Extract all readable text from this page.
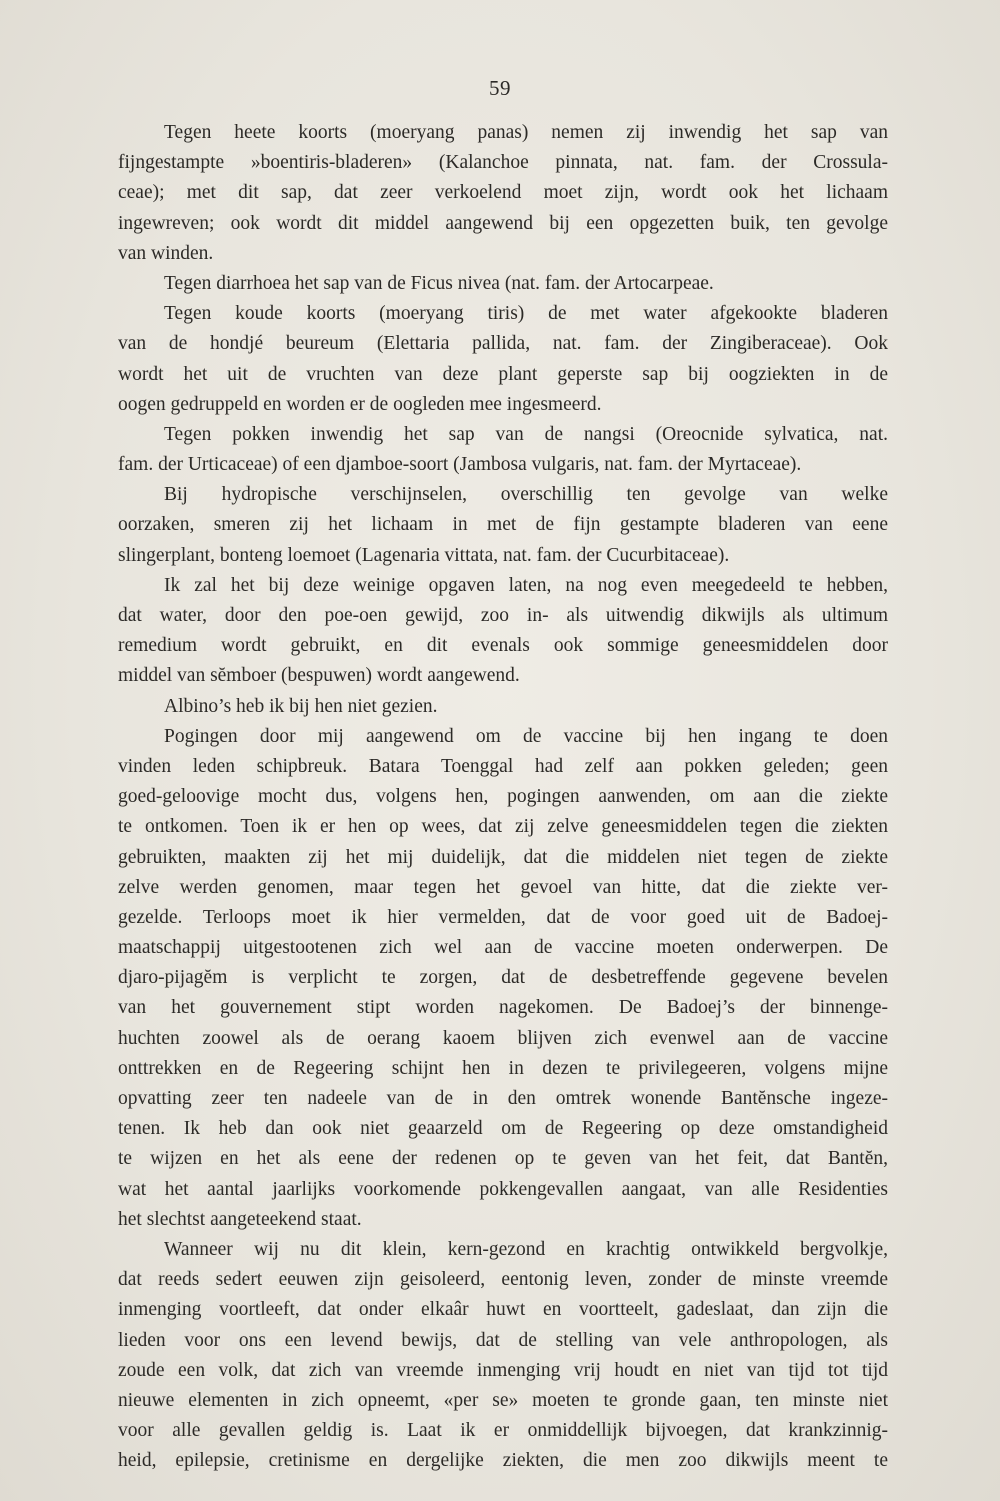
59
Tegen heete koorts (moeryang panas) nemen zij inwendig het sap van
fijngestampte »boentiris-bladeren» (Kalanchoe pinnata, nat. fam. der Crossula-
ceae); met dit sap, dat zeer verkoelend moet zijn, wordt ook het lichaam
ingewreven; ook wordt dit middel aangewend bij een opgezetten buik, ten gevolge
van winden.
Tegen diarrhoea het sap van de Ficus nivea (nat. fam. der Artocarpeae.
Tegen koude koorts (moeryang tiris) de met water afgekookte bladeren
van de hondjé beureum (Elettaria pallida, nat. fam. der Zingiberaceae). Ook
wordt het uit de vruchten van deze plant geperste sap bij oogziekten in de
oogen gedruppeld en worden er de oogleden mee ingesmeerd.
Tegen pokken inwendig het sap van de nangsi (Oreocnide sylvatica, nat.
fam. der Urticaceae) of een djamboe-soort (Jambosa vulgaris, nat. fam. der Myrtaceae).
Bij hydropische verschijnselen, overschillig ten gevolge van welke
oorzaken, smeren zij het lichaam in met de fijn gestampte bladeren van eene
slingerplant, bonteng loemoet (Lagenaria vittata, nat. fam. der Cucurbitaceae).
Ik zal het bij deze weinige opgaven laten, na nog even meegedeeld te hebben,
dat water, door den poe-oen gewijd, zoo in- als uitwendig dikwijls als ultimum
remedium wordt gebruikt, en dit evenals ook sommige geneesmiddelen door
middel van sĕmboer (bespuwen) wordt aangewend.
Albino’s heb ik bij hen niet gezien.
Pogingen door mij aangewend om de vaccine bij hen ingang te doen
vinden leden schipbreuk. Batara Toenggal had zelf aan pokken geleden; geen
goed-geloovige mocht dus, volgens hen, pogingen aanwenden, om aan die ziekte
te ontkomen. Toen ik er hen op wees, dat zij zelve geneesmiddelen tegen die ziekten
gebruikten, maakten zij het mij duidelijk, dat die middelen niet tegen de ziekte
zelve werden genomen, maar tegen het gevoel van hitte, dat die ziekte ver-
gezelde. Terloops moet ik hier vermelden, dat de voor goed uit de Badoej-
maatschappij uitgestootenen zich wel aan de vaccine moeten onderwerpen. De
djaro-pijagĕm is verplicht te zorgen, dat de desbetreffende gegevene bevelen
van het gouvernement stipt worden nagekomen. De Badoej’s der binnenge-
huchten zoowel als de oerang kaoem blijven zich evenwel aan de vaccine
onttrekken en de Regeering schijnt hen in dezen te privilegeeren, volgens mijne
opvatting zeer ten nadeele van de in den omtrek wonende Bantĕnsche ingeze-
tenen. Ik heb dan ook niet geaarzeld om de Regeering op deze omstandigheid
te wijzen en het als eene der redenen op te geven van het feit, dat Bantĕn,
wat het aantal jaarlijks voorkomende pokkengevallen aangaat, van alle Residenties
het slechtst aangeteekend staat.
Wanneer wij nu dit klein, kern-gezond en krachtig ontwikkeld bergvolkje,
dat reeds sedert eeuwen zijn geisoleerd, eentonig leven, zonder de minste vreemde
inmenging voortleeft, dat onder elkaâr huwt en voortteelt, gadeslaat, dan zijn die
lieden voor ons een levend bewijs, dat de stelling van vele anthropologen, als
zoude een volk, dat zich van vreemde inmenging vrij houdt en niet van tijd tot tijd
nieuwe elementen in zich opneemt, «per se» moeten te gronde gaan, ten minste niet
voor alle gevallen geldig is. Laat ik er onmiddellijk bijvoegen, dat krankzinnig-
heid, epilepsie, cretinisme en dergelijke ziekten, die men zoo dikwijls meent te
